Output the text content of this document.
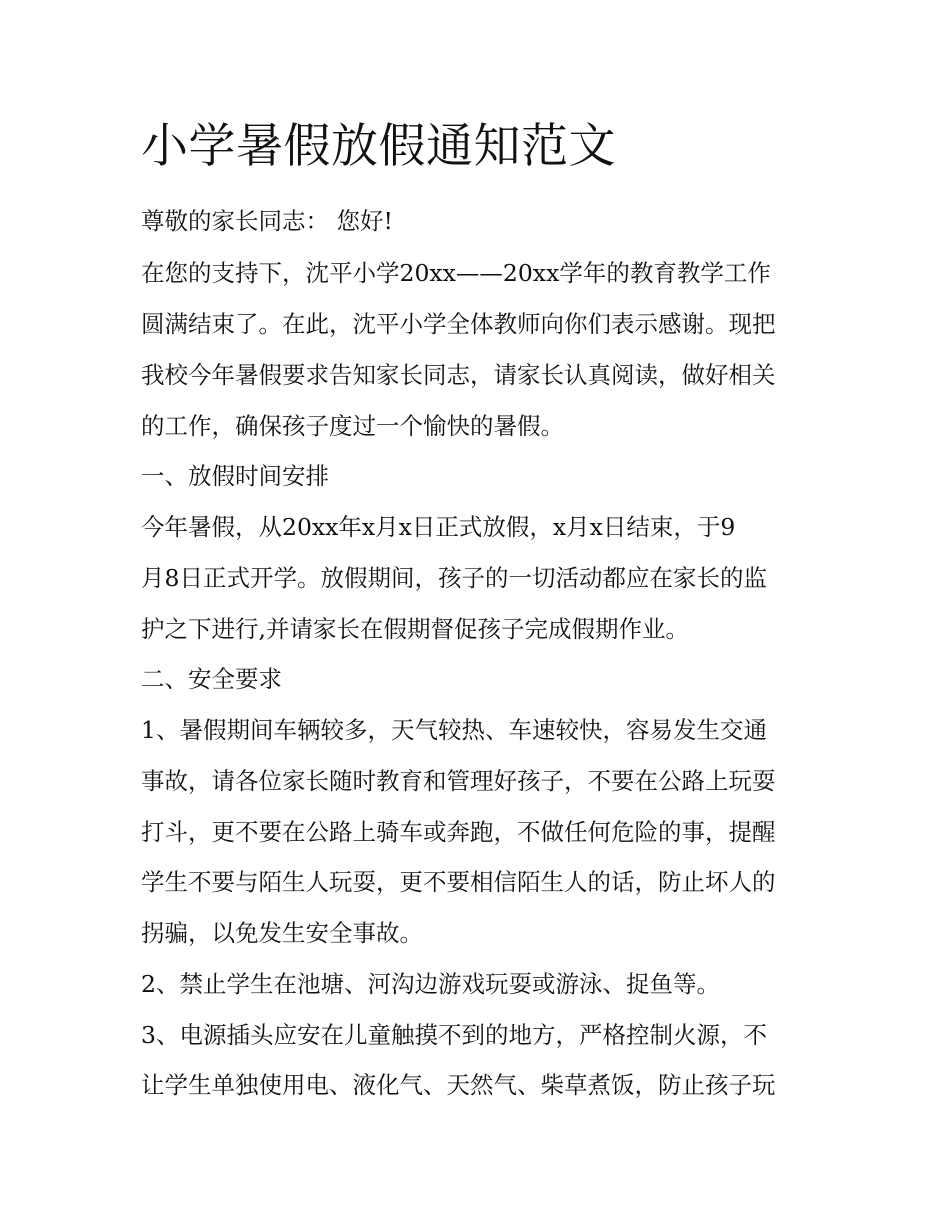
小学暑假放假通知范文

尊敬的家长同志： 您好!

在您的支持下，沈平小学20xx——20xx学年的教育教学工作

圆满结束了。在此，沈平小学全体教师向你们表示感谢。现把

我校今年暑假要求告知家长同志，请家长认真阅读，做好相关

的工作，确保孩子度过一个愉快的暑假。

一、放假时间安排

今年暑假，从20xx年x月x日正式放假，x月x日结束，于9

月8日正式开学。放假期间，孩子的一切活动都应在家长的监

护之下进行,并请家长在假期督促孩子完成假期作业。

二、安全要求

1、暑假期间车辆较多，天气较热、车速较快，容易发生交通

事故，请各位家长随时教育和管理好孩子，不要在公路上玩耍

打斗，更不要在公路上骑车或奔跑，不做任何危险的事，提醒

学生不要与陌生人玩耍，更不要相信陌生人的话，防止坏人的

拐骗，以免发生安全事故。

2、禁止学生在池塘、河沟边游戏玩耍或游泳、捉鱼等。

3、电源插头应安在儿童触摸不到的地方，严格控制火源，不

让学生单独使用电、液化气、天然气、柴草煮饭，防止孩子玩
